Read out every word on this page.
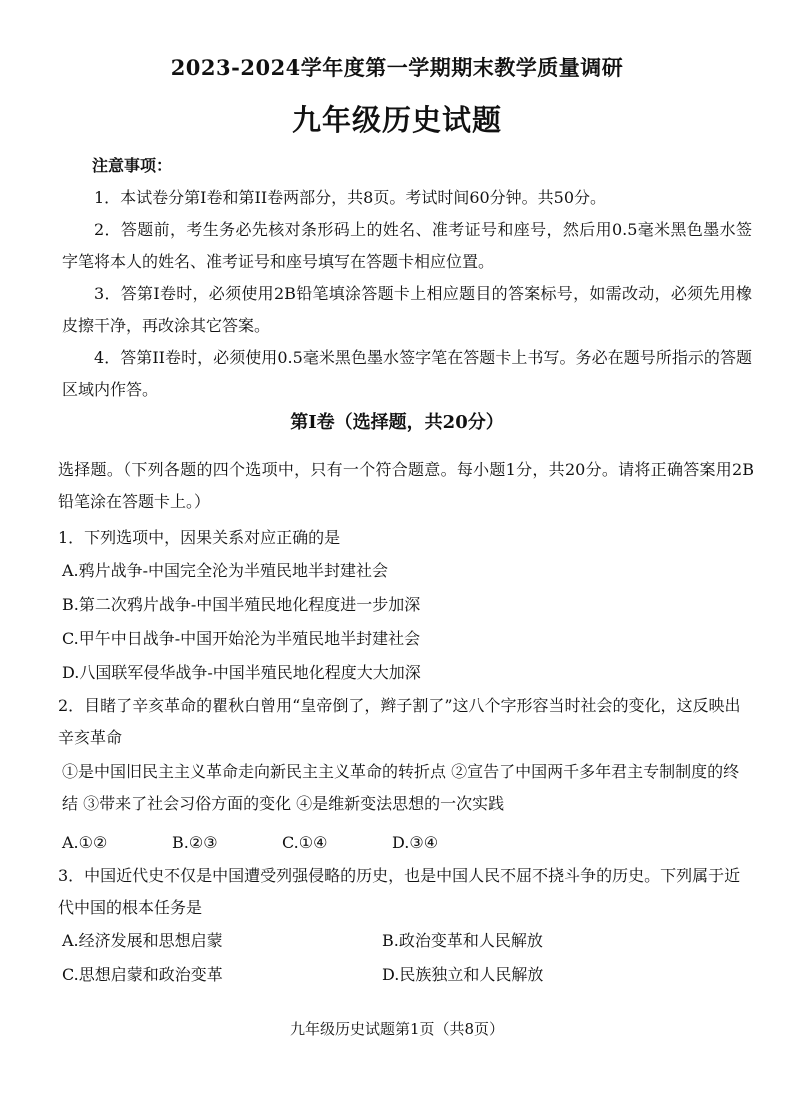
2023-2024学年度第一学期期末教学质量调研
九年级历史试题
注意事项：
1．本试卷分第I卷和第II卷两部分，共8页。考试时间60分钟。共50分。
2．答题前，考生务必先核对条形码上的姓名、准考证号和座号，然后用0.5毫米黑色墨水签字笔将本人的姓名、准考证号和座号填写在答题卡相应位置。
3．答第I卷时，必须使用2B铅笔填涂答题卡上相应题目的答案标号，如需改动，必须先用橡皮擦干净，再改涂其它答案。
4．答第II卷时，必须使用0.5毫米黑色墨水签字笔在答题卡上书写。务必在题号所指示的答题区域内作答。
第I卷（选择题，共20分）
选择题。（下列各题的四个选项中，只有一个符合题意。每小题1分，共20分。请将正确答案用2B铅笔涂在答题卡上。）
1．下列选项中，因果关系对应正确的是
A.鸦片战争-中国完全沦为半殖民地半封建社会
B.第二次鸦片战争-中国半殖民地化程度进一步加深
C.甲午中日战争-中国开始沦为半殖民地半封建社会
D.八国联军侵华战争-中国半殖民地化程度大大加深
2．目睹了辛亥革命的瞿秋白曾用“皇帝倒了，辫子割了”这八个字形容当时社会的变化，这反映出辛亥革命
①是中国旧民主主义革命走向新民主主义革命的转折点 ②宣告了中国两千多年君主专制制度的终结 ③带来了社会习俗方面的变化 ④是维新变法思想的一次实践
A.①②	B.②③	C.①④	D.③④
3．中国近代史不仅是中国遭受列强侵略的历史，也是中国人民不屈不挠斗争的历史。下列属于近代中国的根本任务是
A.经济发展和思想启蒙	B.政治变革和人民解放
C.思想启蒙和政治变革	D.民族独立和人民解放
九年级历史试题第1页（共8页）
